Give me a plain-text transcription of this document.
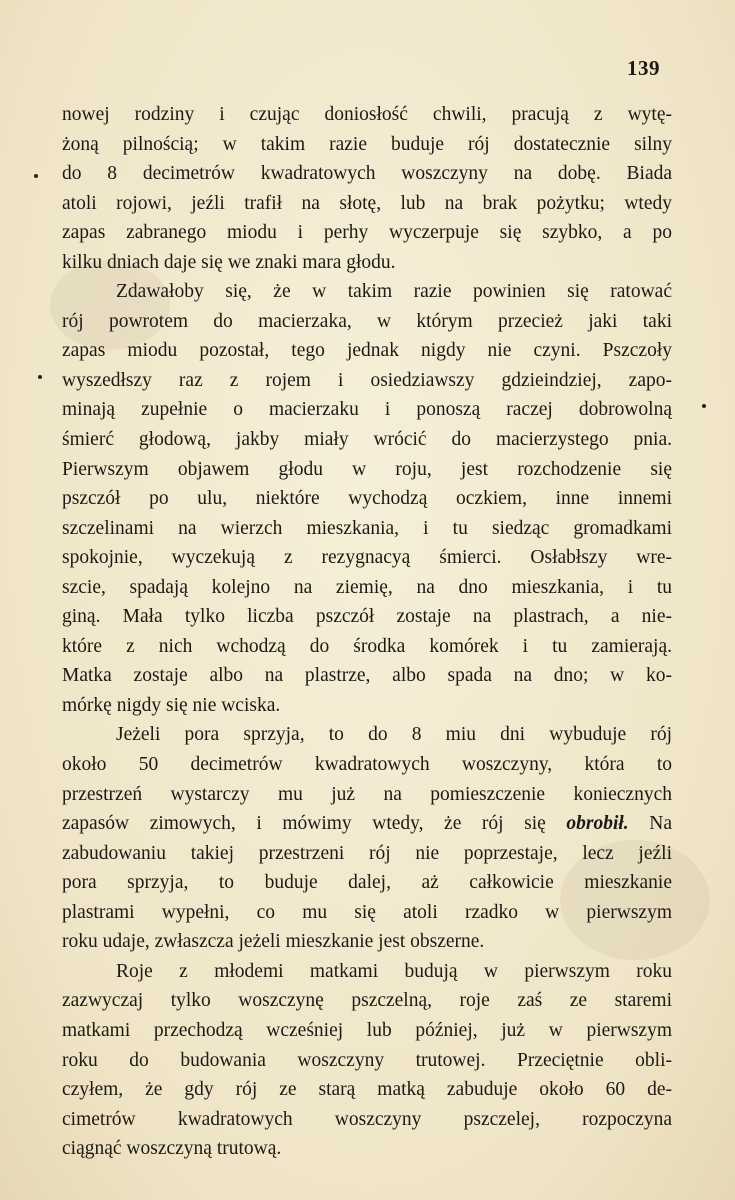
139
nowej rodziny i czując doniosłość chwili, pracują z wytę-
żoną pilnością; w takim razie buduje rój dostatecznie silny
do 8 decimetrów kwadratowych woszczyny na dobę. Biada
atoli rojowi, jeźli trafił na słotę, lub na brak pożytku; wtedy
zapas zabranego miodu i perhy wyczerpuje się szybko, a po
kilku dniach daje się we znaki mara głodu.
Zdawałoby się, że w takim razie powinien się ratować
rój powrotem do macierzaka, w którym przecież jaki taki
zapas miodu pozostał, tego jednak nigdy nie czyni. Pszczoły
wyszedłszy raz z rojem i osiedziawszy gdzieindziej, zapo-
minają zupełnie o macierzaku i ponoszą raczej dobrowolną
śmierć głodową, jakby miały wrócić do macierzystego pnia.
Pierwszym objawem głodu w roju, jest rozchodzenie się
pszczół po ulu, niektóre wychodzą oczkiem, inne innemi
szczelinami na wierzch mieszkania, i tu siedząc gromadkami
spokojnie, wyczekują z rezygnacyą śmierci. Osłabłszy wre-
szcie, spadają kolejno na ziemię, na dno mieszkania, i tu
giną. Mała tylko liczba pszczół zostaje na plastrach, a nie-
które z nich wchodzą do środka komórek i tu zamierają.
Matka zostaje albo na plastrze, albo spada na dno; w ko-
mórkę nigdy się nie wciska.
Jeżeli pora sprzyja, to do 8 miu dni wybuduje rój
około 50 decimetrów kwadratowych woszczyny, która to
przestrzeń wystarczy mu już na pomieszczenie koniecznych
zapasów zimowych, i mówimy wtedy, że rój się obrobił. Na
zabudowaniu takiej przestrzeni rój nie poprzestaje, lecz jeźli
pora sprzyja, to buduje dalej, aż całkowicie mieszkanie
plastrami wypełni, co mu się atoli rzadko w pierwszym
roku udaje, zwłaszcza jeżeli mieszkanie jest obszerne.
Roje z młodemi matkami budują w pierwszym roku
zazwyczaj tylko woszczynę pszczelną, roje zaś ze staremi
matkami przechodzą wcześniej lub później, już w pierwszym
roku do budowania woszczyny trutowej. Przeciętnie obli-
czyłem, że gdy rój ze starą matką zabuduje około 60 de-
cimetrów kwadratowych woszczyny pszczelej, rozpoczyna
ciągnąć woszczyną trutową.
